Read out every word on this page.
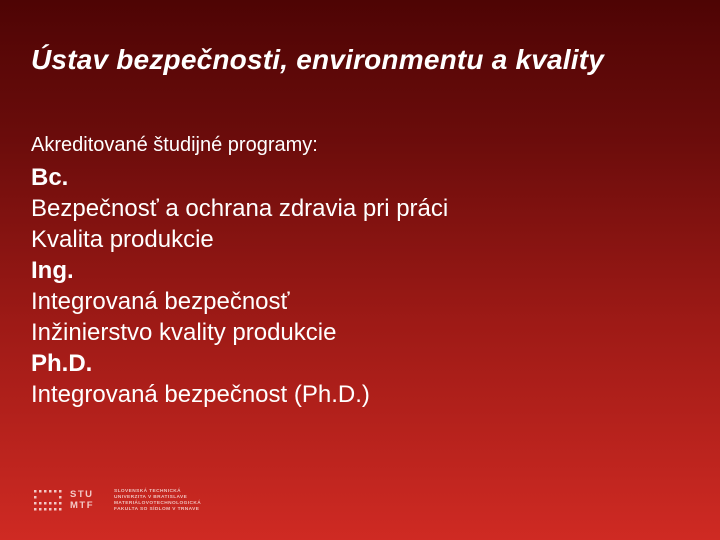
Ústav bezpečnosti, environmentu a kvality

Akreditované študijné programy:

Bc.
Bezpečnosť a ochrana zdravia pri práci
Kvalita produkcie
Ing.
Integrovaná bezpečnosť
Inžinierstvo kvality produkcie
Ph.D.
Integrovaná bezpečnost (Ph.D.)

STU
MTF

SLOVENSKÁ TECHNICKÁ
UNIVERZITA V BRATISLAVE
MATERIÁLOVOTECHNOLOGICKÁ
FAKULTA SO SÍDLOM V TRNAVE
